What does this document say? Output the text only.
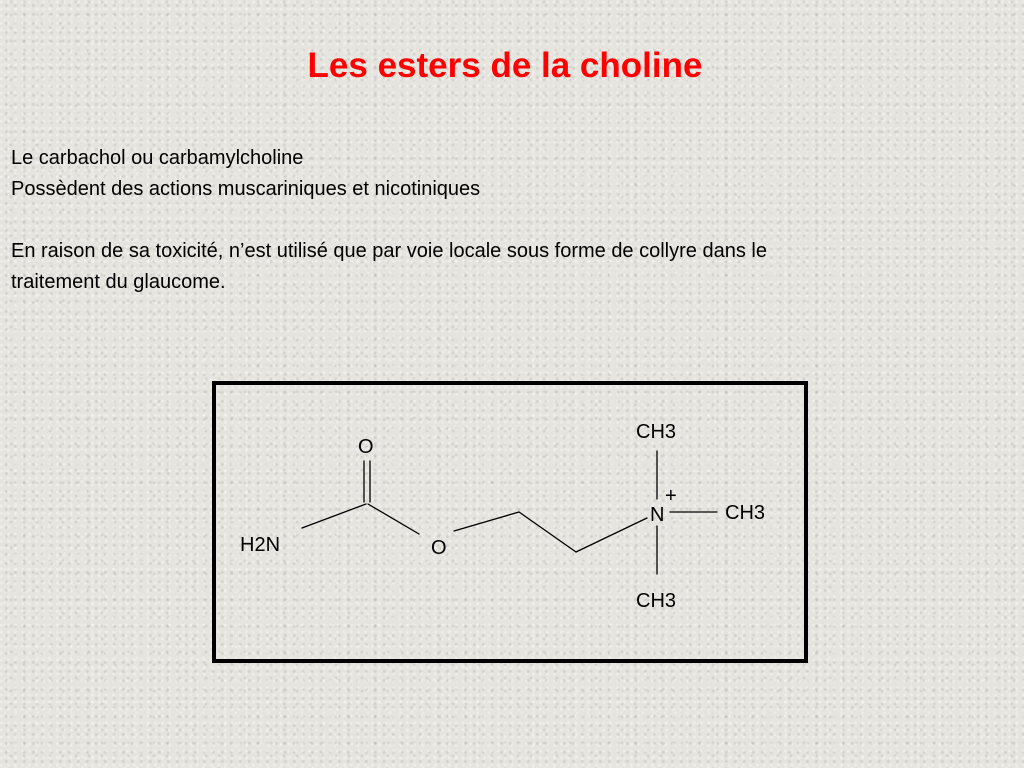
Les esters de la choline

Le carbachol ou carbamylcholine

Possèdent des actions muscariniques et nicotiniques

En raison de sa toxicité, n’est utilisé que par voie locale sous forme de collyre dans le

traitement du glaucome.

O
H2N	O
N
+
CH3
CH3
CH3
